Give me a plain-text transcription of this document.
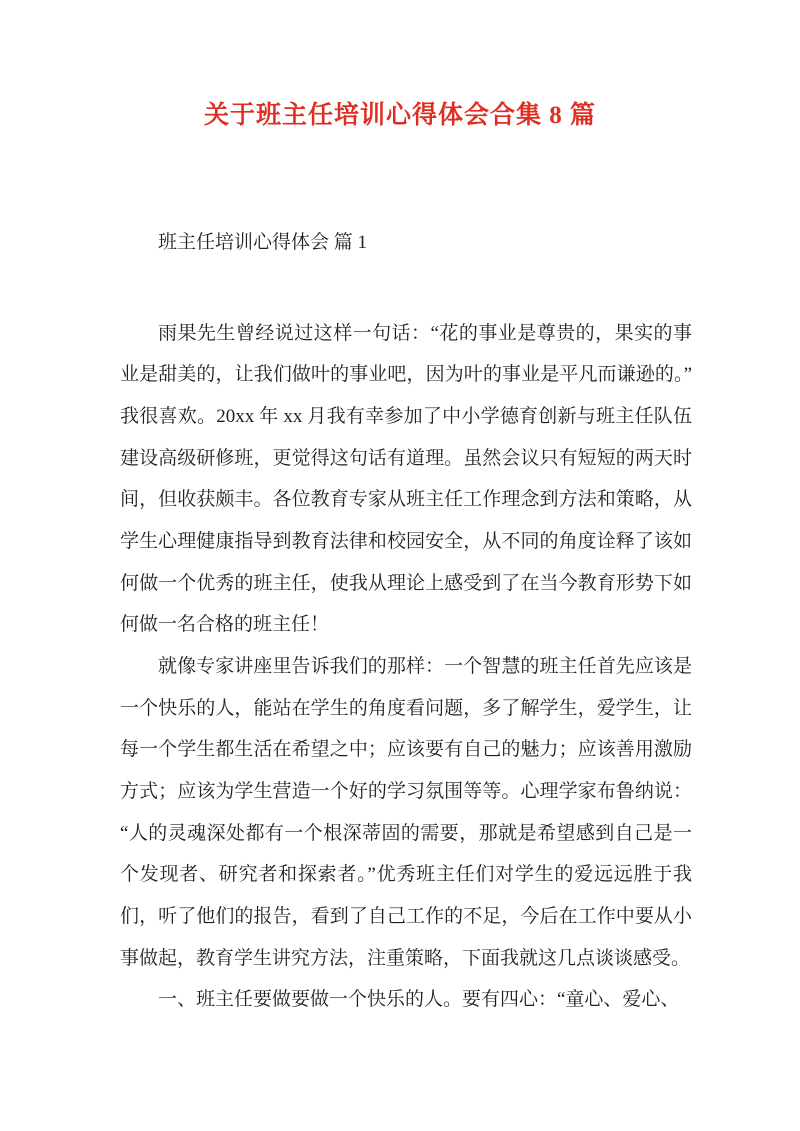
关于班主任培训心得体会合集 8 篇

班主任培训心得体会 篇 1

雨果先生曾经说过这样一句话：“花的事业是尊贵的，果实的事
业是甜美的，让我们做叶的事业吧，因为叶的事业是平凡而谦逊的。”
我很喜欢。20xx 年 xx 月我有幸参加了中小学德育创新与班主任队伍
建设高级研修班，更觉得这句话有道理。虽然会议只有短短的两天时
间，但收获颇丰。各位教育专家从班主任工作理念到方法和策略，从
学生心理健康指导到教育法律和校园安全，从不同的角度诠释了该如
何做一个优秀的班主任，使我从理论上感受到了在当今教育形势下如
何做一名合格的班主任！
就像专家讲座里告诉我们的那样：一个智慧的班主任首先应该是
一个快乐的人，能站在学生的角度看问题，多了解学生，爱学生，让
每一个学生都生活在希望之中；应该要有自己的魅力；应该善用激励
方式；应该为学生营造一个好的学习氛围等等。心理学家布鲁纳说：
“人的灵魂深处都有一个根深蒂固的需要，那就是希望感到自己是一
个发现者、研究者和探索者。”优秀班主任们对学生的爱远远胜于我
们，听了他们的报告，看到了自己工作的不足，今后在工作中要从小
事做起，教育学生讲究方法，注重策略，下面我就这几点谈谈感受。
一、班主任要做要做一个快乐的人。要有四心：“童心、爱心、
